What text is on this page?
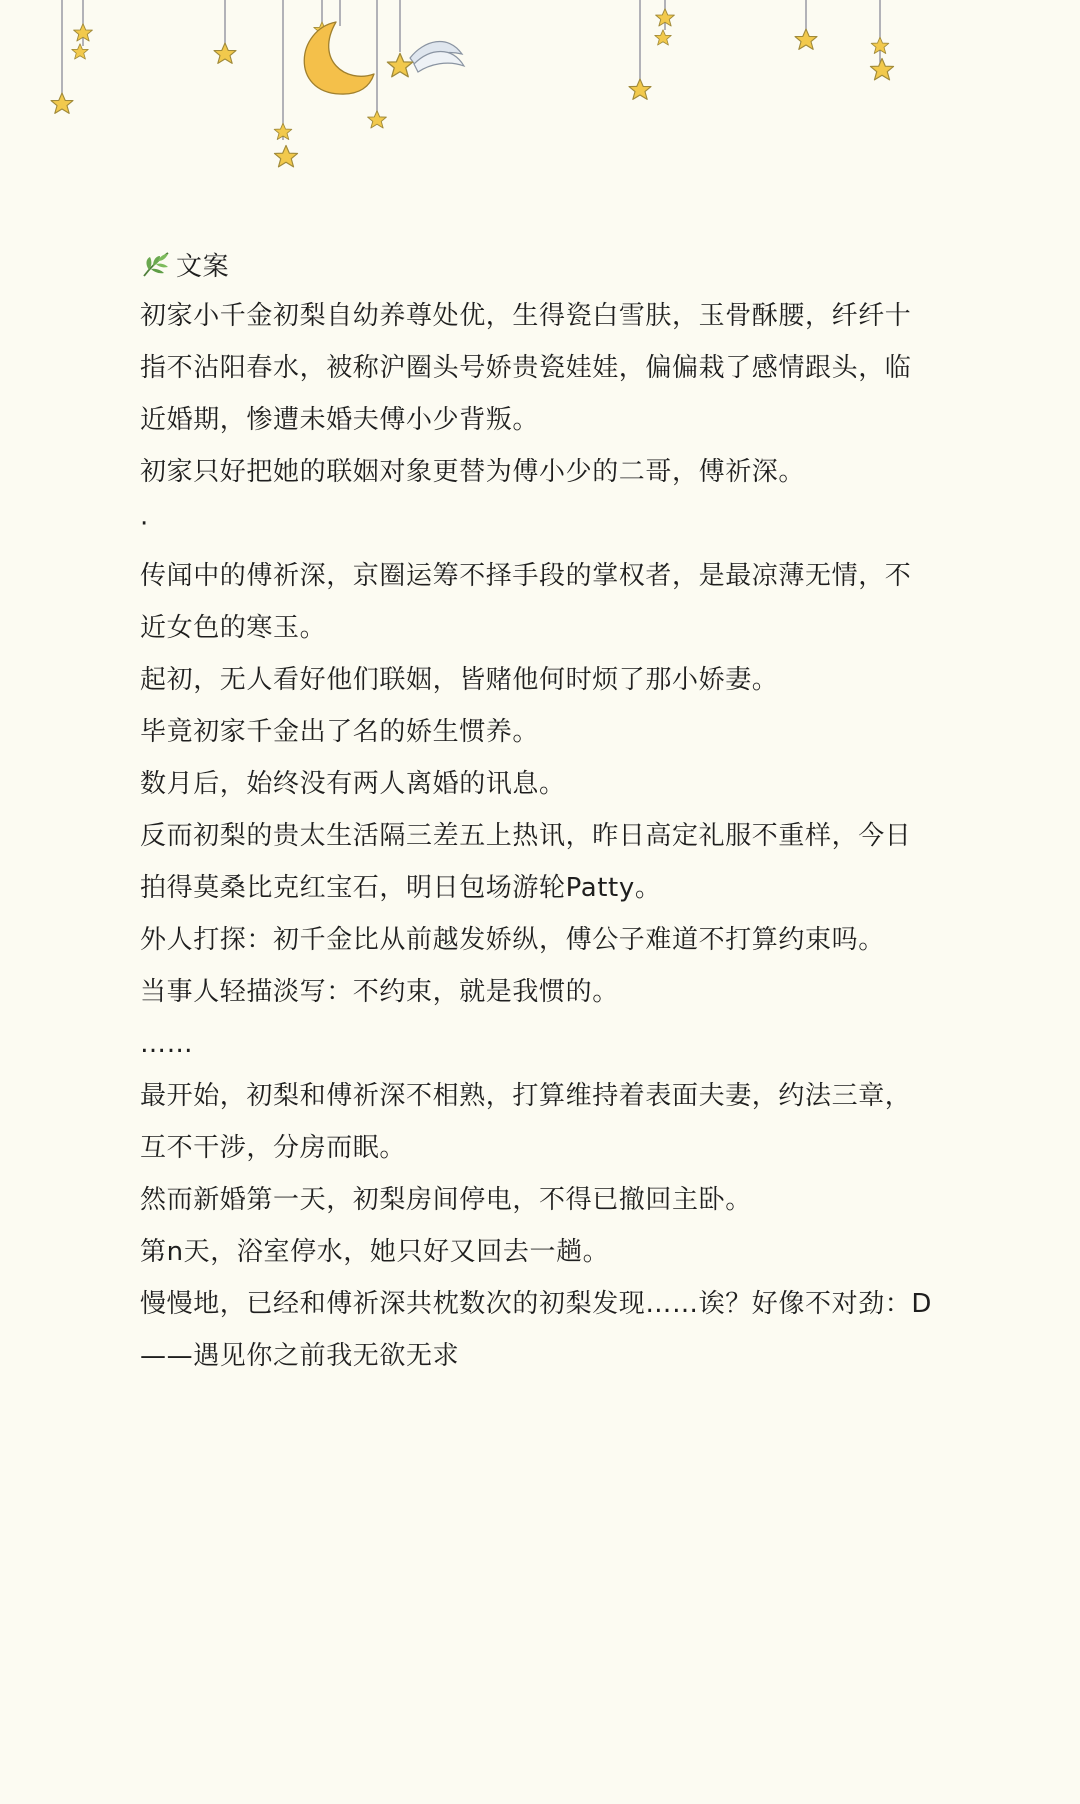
文案
初家小千金初梨自幼养尊处优，生得瓷白雪肤，玉骨酥腰，纤纤十
指不沾阳春水，被称沪圈头号娇贵瓷娃娃，偏偏栽了感情跟头，临
近婚期，惨遭未婚夫傅小少背叛。
初家只好把她的联姻对象更替为傅小少的二哥，傅祈深。
·
传闻中的傅祈深，京圈运筹不择手段的掌权者，是最凉薄无情，不
近女色的寒玉。
起初，无人看好他们联姻，皆赌他何时烦了那小娇妻。
毕竟初家千金出了名的娇生惯养。
数月后，始终没有两人离婚的讯息。
反而初梨的贵太生活隔三差五上热讯，昨日高定礼服不重样，今日
拍得莫桑比克红宝石，明日包场游轮Patty。
外人打探：初千金比从前越发娇纵，傅公子难道不打算约束吗。
当事人轻描淡写：不约束，就是我惯的。
……
最开始，初梨和傅祈深不相熟，打算维持着表面夫妻，约法三章，
互不干涉，分房而眠。
然而新婚第一天，初梨房间停电，不得已撤回主卧。
第n天，浴室停水，她只好又回去一趟。
慢慢地，已经和傅祈深共枕数次的初梨发现……诶？好像不对劲：D
——遇见你之前我无欲无求
